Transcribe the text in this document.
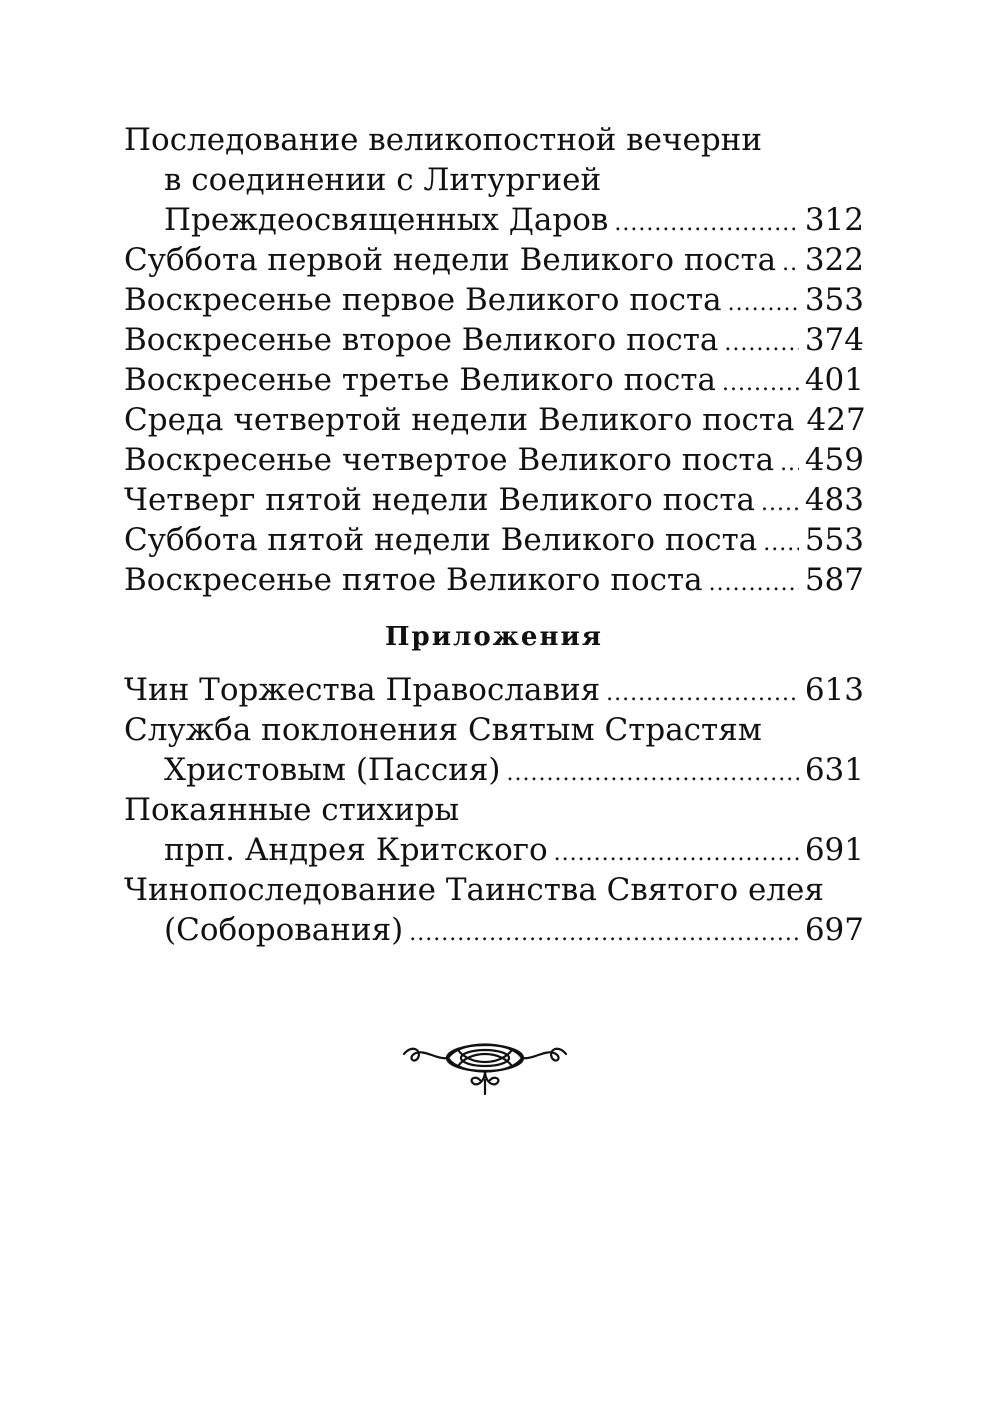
Последование великопостной вечерни
в соединении с Литургией
Преждеосвященных Даров .....	312
Суббота первой недели Великого поста ..... 322
Воскресенье первое Великого поста .....	353
Воскресенье второе Великого поста .....	374
Воскресенье третье Великого поста .....	401
Среда четвертой недели Великого поста 427
Воскресенье четвертое Великого поста ..... 459
Четверг пятой недели Великого поста ..... 483
Суббота пятой недели Великого поста ..... 553
Воскресенье пятое Великого поста .....	587
Приложения
Чин Торжества Православия .....	613
Служба поклонения Святым Страстям
Христовым (Пассия) .....	631
Покаянные стихиры
прп. Андрея Критского .....	691
Чинопоследование Таинства Святого елея
(Соборования) .....	697
